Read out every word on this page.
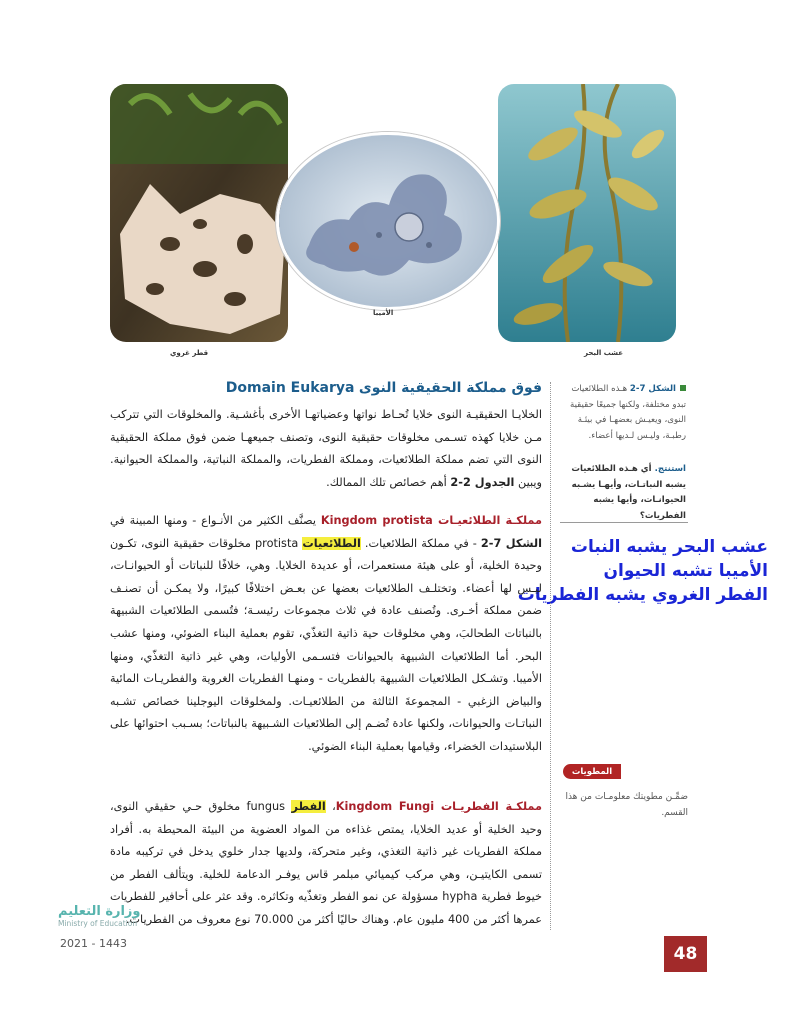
قطر غروي
الأميبا
عشب البحر
الشكل 7-2 هـذه الطلائعيات تبدو مختلفة، ولكنها جميعًا حقيقية النوى، ويعيـش بعضهـا في بيئـة رطبـة، وليـس لـديها أعضاء.
استنتج. أي هـذه الطلائعيات يشبه النباتـات، وأيهـا يشـبه الحيوانـات، وأيها يشبه الفطريات؟
عشب البحر يشبه النبات
الأميبا تشبه الحيوان
الفطر الغروي يشبه الفطريات
المطويات
ضمِّـن مطويتك معلومـات من هذا القسم.
فوق مملكة الحقيقية النوى Domain Eukarya

الخلايـا الحقيقيـة النوى خلايا تُحـاط نواتها وعضياتهـا الأخرى بأغشـية. والمخلوقات التي تتركب مـن خلايا كهذه تسـمى مخلوقات حقيقية النوى، وتصنف جميعهـا ضمن فوق مملكة الحقيقية النوى التي تضم مملكة الطلائعيات، ومملكة الفطريات، والمملكة النباتية، والمملكة الحيوانية. ويبين الجدول 2-2 أهم خصائص تلك الممالك.

مملكـة الطلائعيـات Kingdom protista يصنَّف الكثير من الأنـواع - ومنها المبينة في الشكل 7-2 - في مملكة الطلائعيات. الطلائعيات protista مخلوقات حقيقية النوى، تكـون وحيدة الخلية، أو على هيئة مستعمرات، أو عديدة الخلايا. وهي، خلافًا للنباتات أو الحيوانـات، ليـس لها أعضاء. وتختلـف الطلائعيات بعضها عن بعـض اختلافًا كبيرًا، ولا يمكـن أن تصنـف ضمن مملكة أخـرى. وتُصنف عادة في ثلاث مجموعات رئيسـة؛ فتُسمى الطلائعيات الشبيهة بالنباتات الطحالبَ، وهي مخلوقات حية ذاتية التغذّي، تقوم بعملية البناء الضوئي، ومنها عشب البحر. أما الطلائعيات الشبيهة بالحيوانات فتسـمى الأوليات، وهي غير ذاتية التغذّي، ومنها الأميبا. وتشـكل الطلائعيات الشبيهة بالفطريات - ومنهـا الفطريات الغروية والفطريـات المائية والبياض الزغبي - المجموعةَ الثالثة من الطلائعيـات. ولمخلوقات اليوجلينا خصائص تشـبه النباتـات والحيوانات، ولكنها عادة تُضـم إلى الطلائعيات الشـبيهة بالنباتات؛ بسـبب احتوائها على البلاستيدات الخضراء، وقيامها بعملية البناء الضوئي.

مملكـة الفطريـات Kingdom Fungi، الفطر fungus مخلوق حـي حقيقي النوى، وحيد الخلية أو عديد الخلايا، يمتص غذاءه من المواد العضوية من البيئة المحيطة به. أفراد مملكة الفطريات غير ذاتية التغذي، وغير متحركة، ولديها جدار خلوي يدخل في تركيبه مادة تسمى الكايتيـن، وهي مركب كيميائي مبلمر قاس يوفـر الدعامة للخلية. ويتألف الفطر من خيوط فطرية hypha مسؤولة عن نمو الفطر وتغذّيه وتكاثره. وقد عثر على أحافير للفطريات عمرها أكثر من 400 مليون عام. وهناك حاليًا أكثر من 70.000 نوع معروف من الفطريات.

وزارة التعليم
Ministry of Education
2021 - 1443
48
